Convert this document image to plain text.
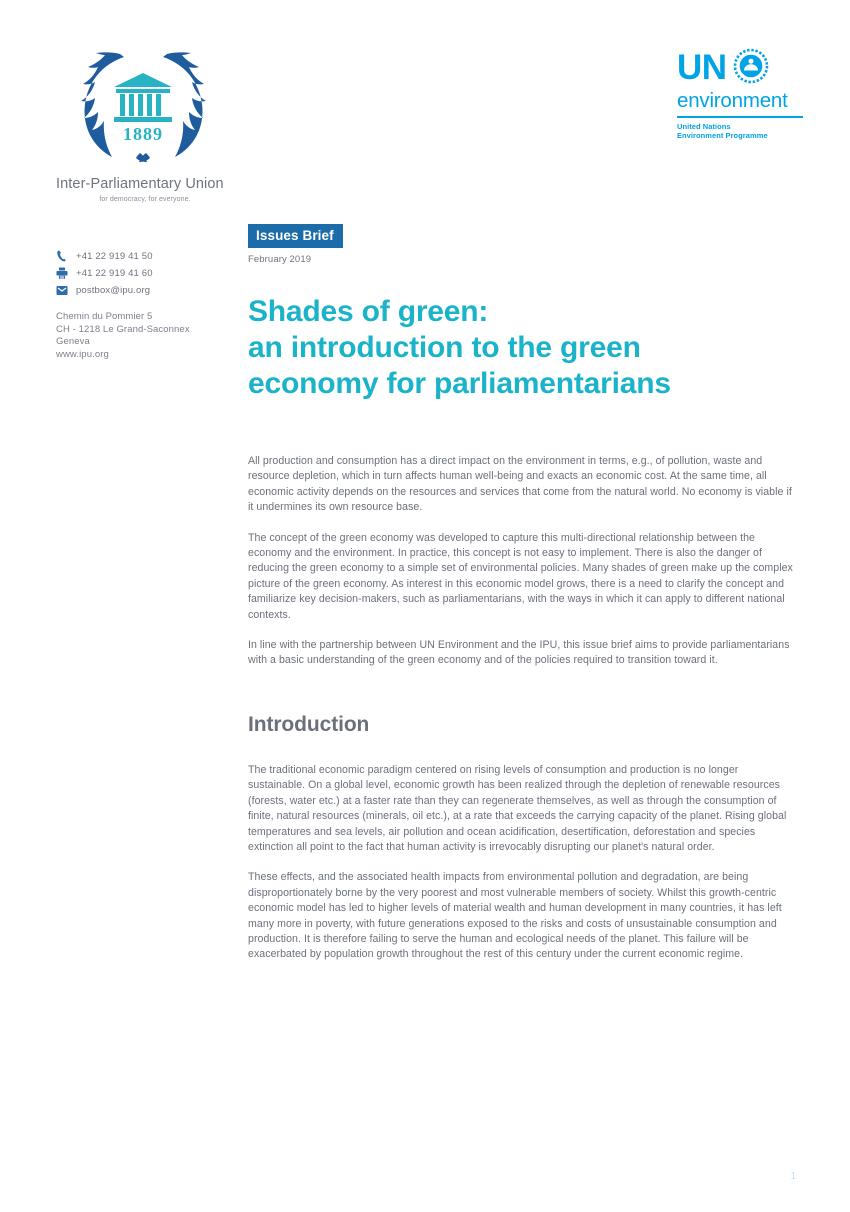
1889
Inter-Parliamentary Union
for democracy, for everyone.
+41 22 919 41 50
+41 22 919 41 60
postbox@ipu.org
Chemin du Pommier 5
CH - 1218 Le Grand-Saconnex
Geneva
www.ipu.org
UN
environment
United Nations
Environment Programme
Issues Brief
February 2019
Shades of green:
an introduction to the green
economy for parliamentarians

All production and consumption has a direct impact on the environment in terms, e.g., of pollution, waste and resource depletion, which in turn affects human well-being and exacts an economic cost. At the same time, all economic activity depends on the resources and services that come from the natural world. No economy is viable if it undermines its own resource base.

The concept of the green economy was developed to capture this multi-directional relationship between the economy and the environment. In practice, this concept is not easy to implement. There is also the danger of reducing the green economy to a simple set of environmental policies. Many shades of green make up the complex picture of the green economy. As interest in this economic model grows, there is a need to clarify the concept and familiarize key decision-makers, such as parliamentarians, with the ways in which it can apply to different national contexts.

In line with the partnership between UN Environment and the IPU, this issue brief aims to provide parliamentarians with a basic understanding of the green economy and of the policies required to transition toward it.

Introduction

The traditional economic paradigm centered on rising levels of consumption and production is no longer sustainable. On a global level, economic growth has been realized through the depletion of renewable resources (forests, water etc.) at a faster rate than they can regenerate themselves, as well as through the consumption of finite, natural resources (minerals, oil etc.), at a rate that exceeds the carrying capacity of the planet. Rising global temperatures and sea levels, air pollution and ocean acidification, desertification, deforestation and species extinction all point to the fact that human activity is irrevocably disrupting our planet's natural order.

These effects, and the associated health impacts from environmental pollution and degradation, are being disproportionately borne by the very poorest and most vulnerable members of society. Whilst this growth-centric economic model has led to higher levels of material wealth and human development in many countries, it has left many more in poverty, with future generations exposed to the risks and costs of unsustainable consumption and production. It is therefore failing to serve the human and ecological needs of the planet. This failure will be exacerbated by population growth throughout the rest of this century under the current economic regime.

1
